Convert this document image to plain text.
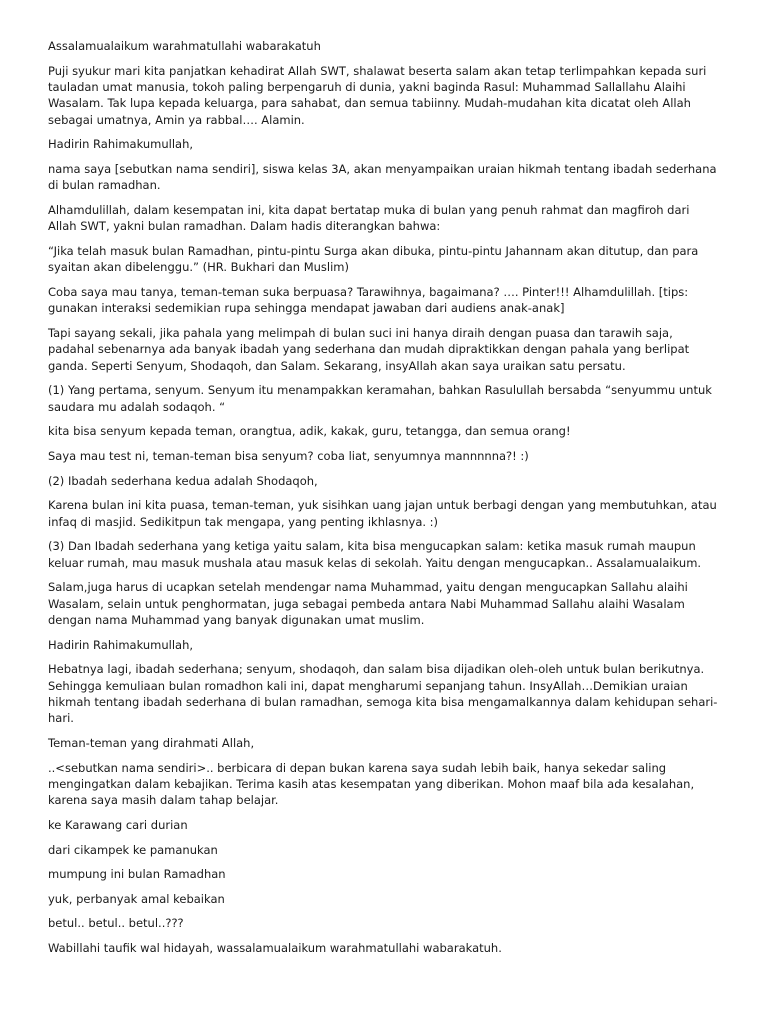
Assalamualaikum warahmatullahi wabarakatuh

Puji syukur mari kita panjatkan kehadirat Allah SWT, shalawat beserta salam akan tetap terlimpahkan kepada suri tauladan umat manusia, tokoh paling berpengaruh di dunia, yakni baginda Rasul: Muhammad Sallallahu Alaihi Wasalam. Tak lupa kepada keluarga, para sahabat, dan semua tabiinny. Mudah-mudahan kita dicatat oleh Allah sebagai umatnya, Amin ya rabbal…. Alamin.

Hadirin Rahimakumullah,

nama saya [sebutkan nama sendiri], siswa kelas 3A, akan menyampaikan uraian hikmah tentang ibadah sederhana di bulan ramadhan.

Alhamdulillah, dalam kesempatan ini, kita dapat bertatap muka di bulan yang penuh rahmat dan magfiroh dari Allah SWT, yakni bulan ramadhan. Dalam hadis diterangkan bahwa:

“Jika telah masuk bulan Ramadhan, pintu-pintu Surga akan dibuka, pintu-pintu Jahannam akan ditutup, dan para syaitan akan dibelenggu.” (HR. Bukhari dan Muslim)

Coba saya mau tanya, teman-teman suka berpuasa? Tarawihnya, bagaimana? …. Pinter!!! Alhamdulillah. [tips: gunakan interaksi sedemikian rupa sehingga mendapat jawaban dari audiens anak-anak]

Tapi sayang sekali, jika pahala yang melimpah di bulan suci ini hanya diraih dengan puasa dan tarawih saja, padahal sebenarnya ada banyak ibadah yang sederhana dan mudah dipraktikkan dengan pahala yang berlipat ganda. Seperti Senyum, Shodaqoh, dan Salam. Sekarang, insyAllah akan saya uraikan satu persatu.

(1) Yang pertama, senyum. Senyum itu menampakkan keramahan, bahkan Rasulullah bersabda “senyummu untuk saudara mu adalah sodaqoh. “

kita bisa senyum kepada teman, orangtua, adik, kakak, guru, tetangga, dan semua orang!

Saya mau test ni, teman-teman bisa senyum? coba liat, senyumnya mannnnna?! :)

(2) Ibadah sederhana kedua adalah Shodaqoh,

Karena bulan ini kita puasa, teman-teman, yuk sisihkan uang jajan untuk berbagi dengan yang membutuhkan, atau infaq di masjid. Sedikitpun tak mengapa, yang penting ikhlasnya. :)

(3) Dan Ibadah sederhana yang ketiga yaitu salam, kita bisa mengucapkan salam: ketika masuk rumah maupun keluar rumah, mau masuk mushala atau masuk kelas di sekolah. Yaitu dengan mengucapkan.. Assalamualaikum.

Salam,juga harus di ucapkan setelah mendengar nama Muhammad, yaitu dengan mengucapkan Sallahu alaihi Wasalam, selain untuk penghormatan, juga sebagai pembeda antara Nabi Muhammad Sallahu alaihi Wasalam dengan nama Muhammad yang banyak digunakan umat muslim.

Hadirin Rahimakumullah,

Hebatnya lagi, ibadah sederhana; senyum, shodaqoh, dan salam bisa dijadikan oleh-oleh untuk bulan berikutnya. Sehingga kemuliaan bulan romadhon kali ini, dapat mengharumi sepanjang tahun. InsyAllah…Demikian uraian hikmah tentang ibadah sederhana di bulan ramadhan, semoga kita bisa mengamalkannya dalam kehidupan sehari-hari.

Teman-teman yang dirahmati Allah,

..<sebutkan nama sendiri>.. berbicara di depan bukan karena saya sudah lebih baik, hanya sekedar saling mengingatkan dalam kebajikan. Terima kasih atas kesempatan yang diberikan. Mohon maaf bila ada kesalahan, karena saya masih dalam tahap belajar.

ke Karawang cari durian

dari cikampek ke pamanukan

mumpung ini bulan Ramadhan

yuk, perbanyak amal kebaikan

betul.. betul.. betul..???

Wabillahi taufik wal hidayah, wassalamualaikum warahmatullahi wabarakatuh.
